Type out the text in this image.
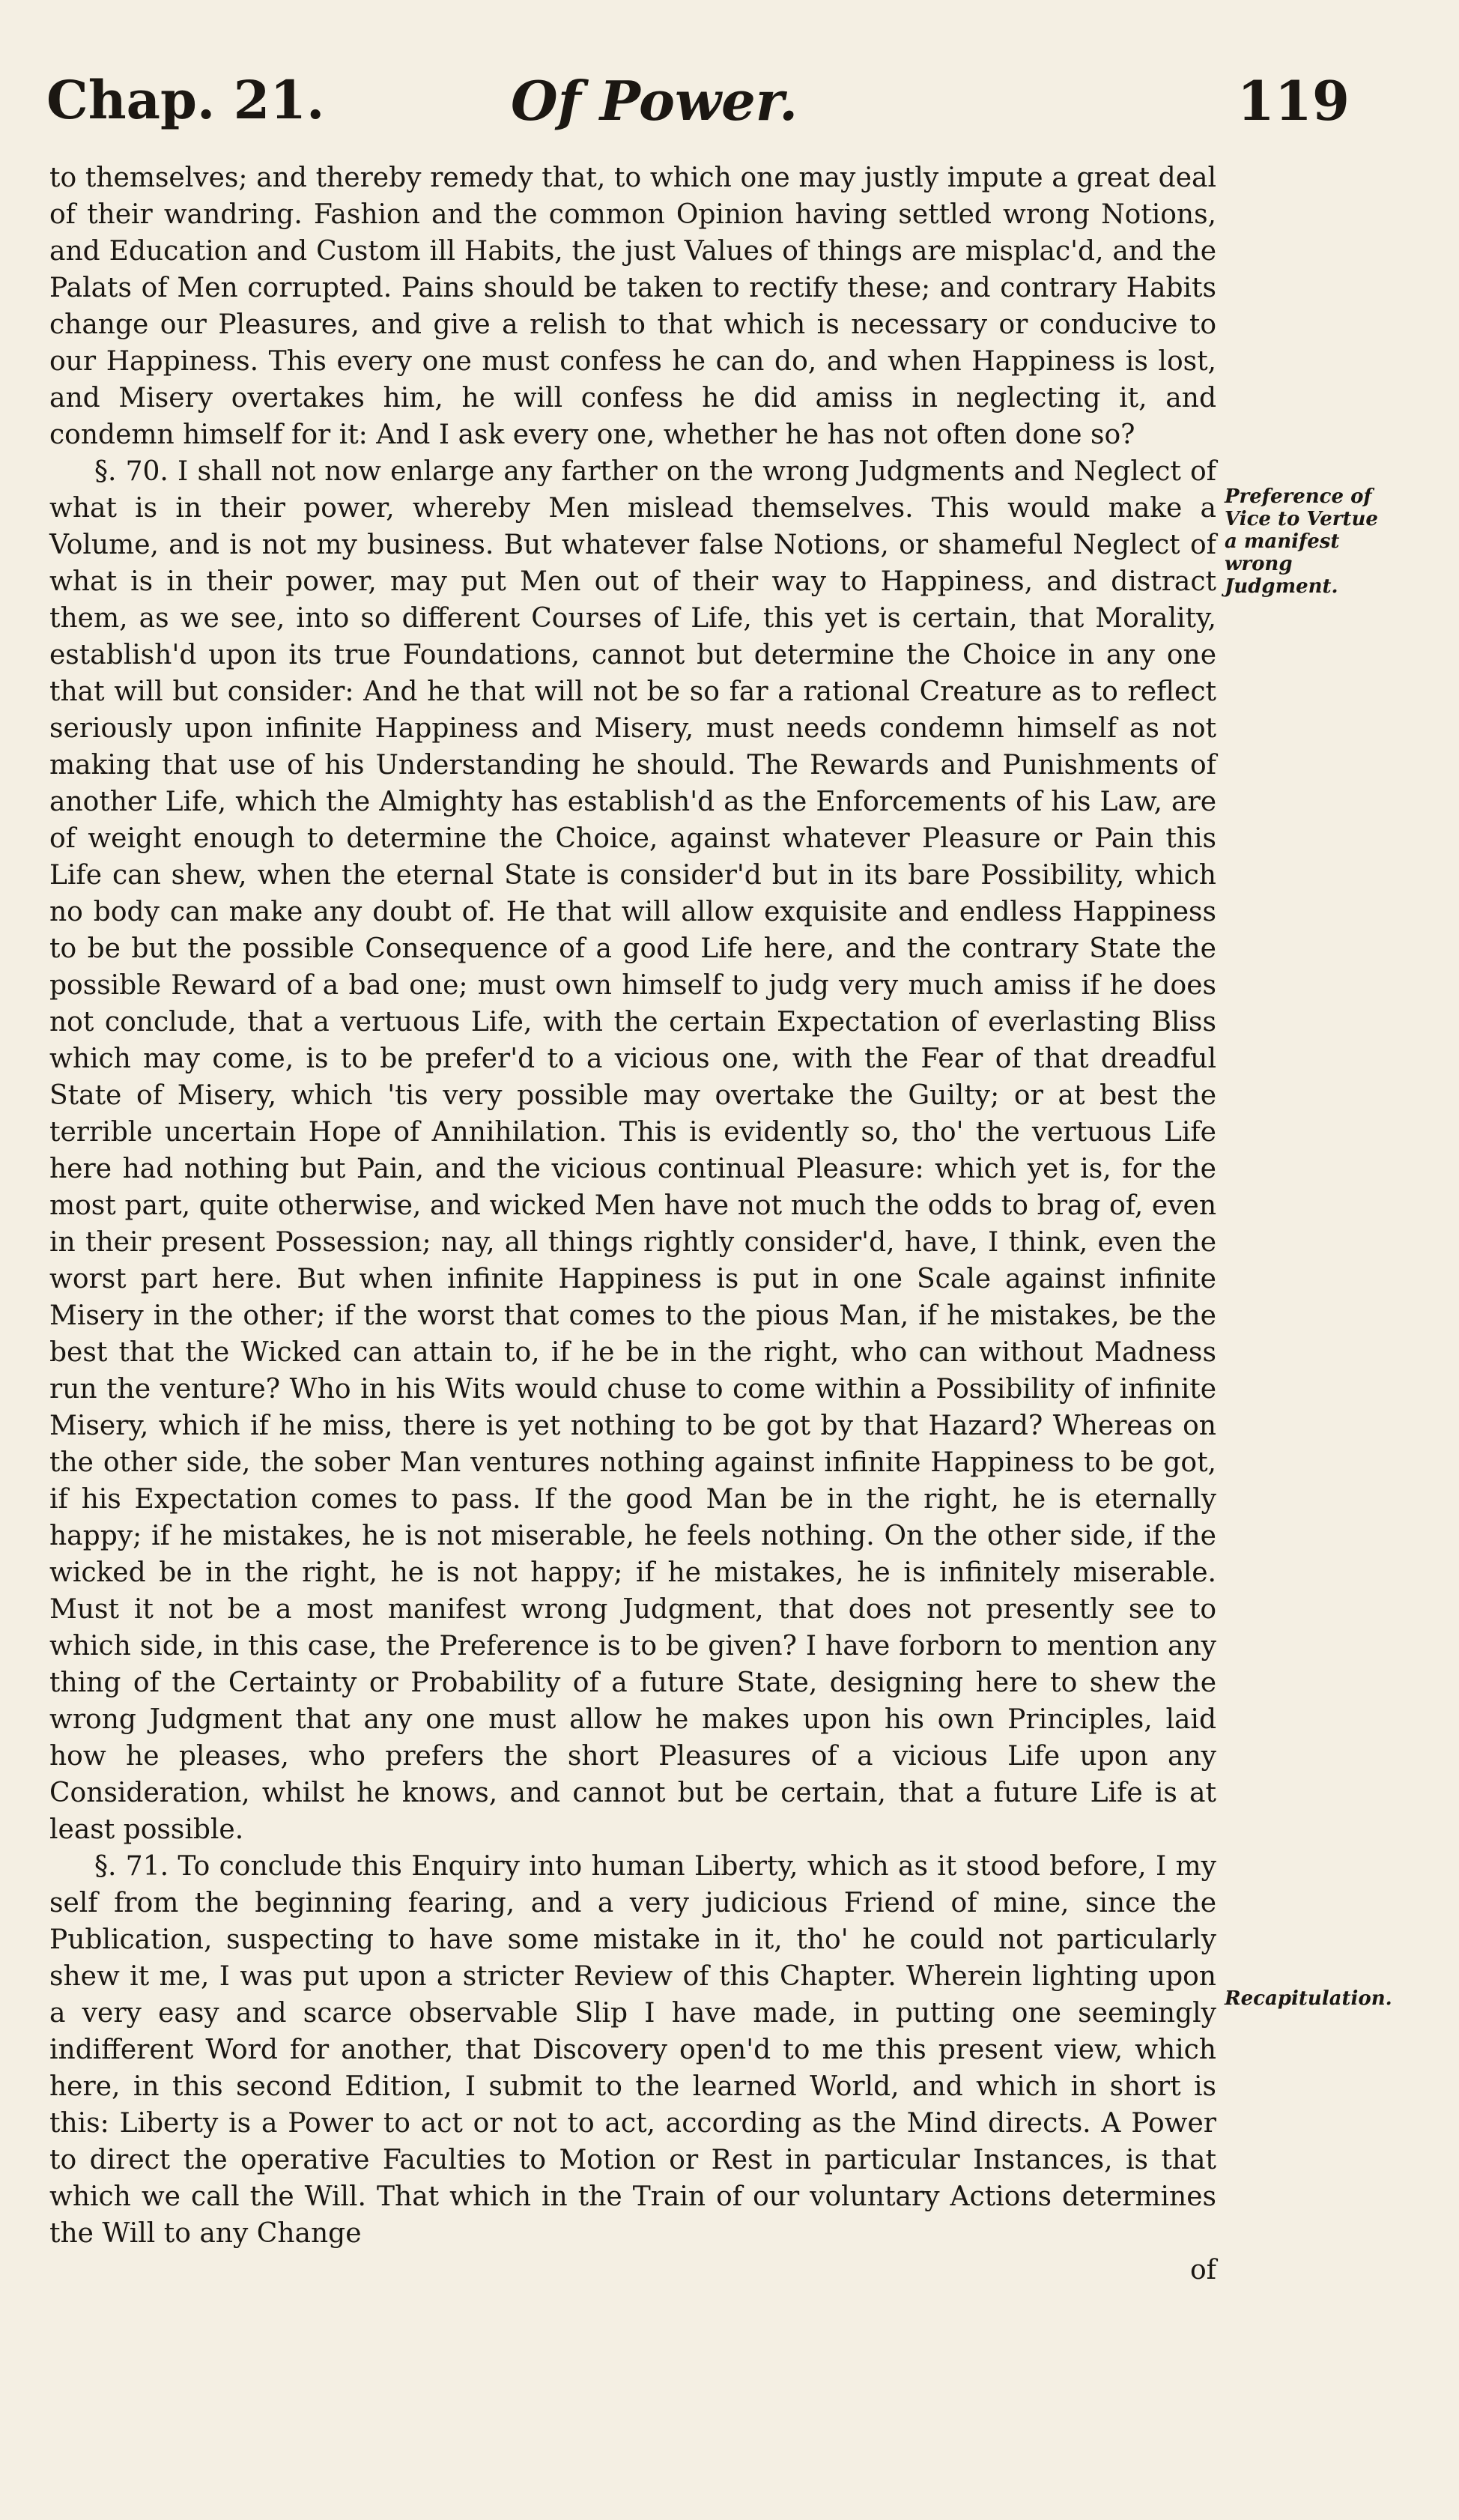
Chap. 21.	Of Power.	119

to themselves; and thereby remedy that, to which one may justly impute a great deal of their wandring. Fashion and the common Opinion having settled wrong Notions, and Education and Custom ill Habits, the just Values of things are misplac'd, and the Palats of Men corrupted. Pains should be taken to rectify these; and contrary Habits change our Pleasures, and give a relish to that which is necessary or conducive to our Happiness. This every one must confess he can do, and when Happiness is lost, and Misery overtakes him, he will confess he did amiss in neglecting it, and condemn himself for it: And I ask every one, whether he has not often done so?

§. 70. I shall not now enlarge any farther on the wrong Judgments and Neglect of what is in their power, whereby Men mislead themselves. This would make a Volume, and is not my business. But whatever false Notions, or shameful Neglect of what is in their power, may put Men out of their way to Happiness, and distract them, as we see, into so different Courses of Life, this yet is certain, that Morality, establish'd upon its true Foundations, cannot but determine the Choice in any one that will but consider: And he that will not be so far a rational Creature as to reflect seriously upon infinite Happiness and Misery, must needs condemn himself as not making that use of his Understanding he should. The Rewards and Punishments of another Life, which the Almighty has establish'd as the Enforcements of his Law, are of weight enough to determine the Choice, against whatever Pleasure or Pain this Life can shew, when the eternal State is consider'd but in its bare Possibility, which no body can make any doubt of. He that will allow exquisite and endless Happiness to be but the possible Consequence of a good Life here, and the contrary State the possible Reward of a bad one; must own himself to judg very much amiss if he does not conclude, that a vertuous Life, with the certain Expectation of everlasting Bliss which may come, is to be prefer'd to a vicious one, with the Fear of that dreadful State of Misery, which 'tis very possible may overtake the Guilty; or at best the terrible uncertain Hope of Annihilation. This is evidently so, tho' the vertuous Life here had nothing but Pain, and the vicious continual Pleasure: which yet is, for the most part, quite otherwise, and wicked Men have not much the odds to brag of, even in their present Possession; nay, all things rightly consider'd, have, I think, even the worst part here. But when infinite Happiness is put in one Scale against infinite Misery in the other; if the worst that comes to the pious Man, if he mistakes, be the best that the Wicked can attain to, if he be in the right, who can without Madness run the venture? Who in his Wits would chuse to come within a Possibility of infinite Misery, which if he miss, there is yet nothing to be got by that Hazard? Whereas on the other side, the sober Man ventures nothing against infinite Happiness to be got, if his Expectation comes to pass. If the good Man be in the right, he is eternally happy; if he mistakes, he is not miserable, he feels nothing. On the other side, if the wicked be in the right, he is not happy; if he mistakes, he is infinitely miserable. Must it not be a most manifest wrong Judgment, that does not presently see to which side, in this case, the Preference is to be given? I have forborn to mention any thing of the Certainty or Probability of a future State, designing here to shew the wrong Judgment that any one must allow he makes upon his own Principles, laid how he pleases, who prefers the short Pleasures of a vicious Life upon any Consideration, whilst he knows, and cannot but be certain, that a future Life is at least possible.

§. 71. To conclude this Enquiry into human Liberty, which as it stood before, I my self from the beginning fearing, and a very judicious Friend of mine, since the Publication, suspecting to have some mistake in it, tho' he could not particularly shew it me, I was put upon a stricter Review of this Chapter. Wherein lighting upon a very easy and scarce observable Slip I have made, in putting one seemingly indifferent Word for another, that Discovery open'd to me this present view, which here, in this second Edition, I submit to the learned World, and which in short is this: Liberty is a Power to act or not to act, according as the Mind directs. A Power to direct the operative Faculties to Motion or Rest in particular Instances, is that which we call the Will. That which in the Train of our voluntary Actions determines the Will to any Change

of

Preference of Vice to Vertue a manifest wrong Judgment.
Recapitulation.
